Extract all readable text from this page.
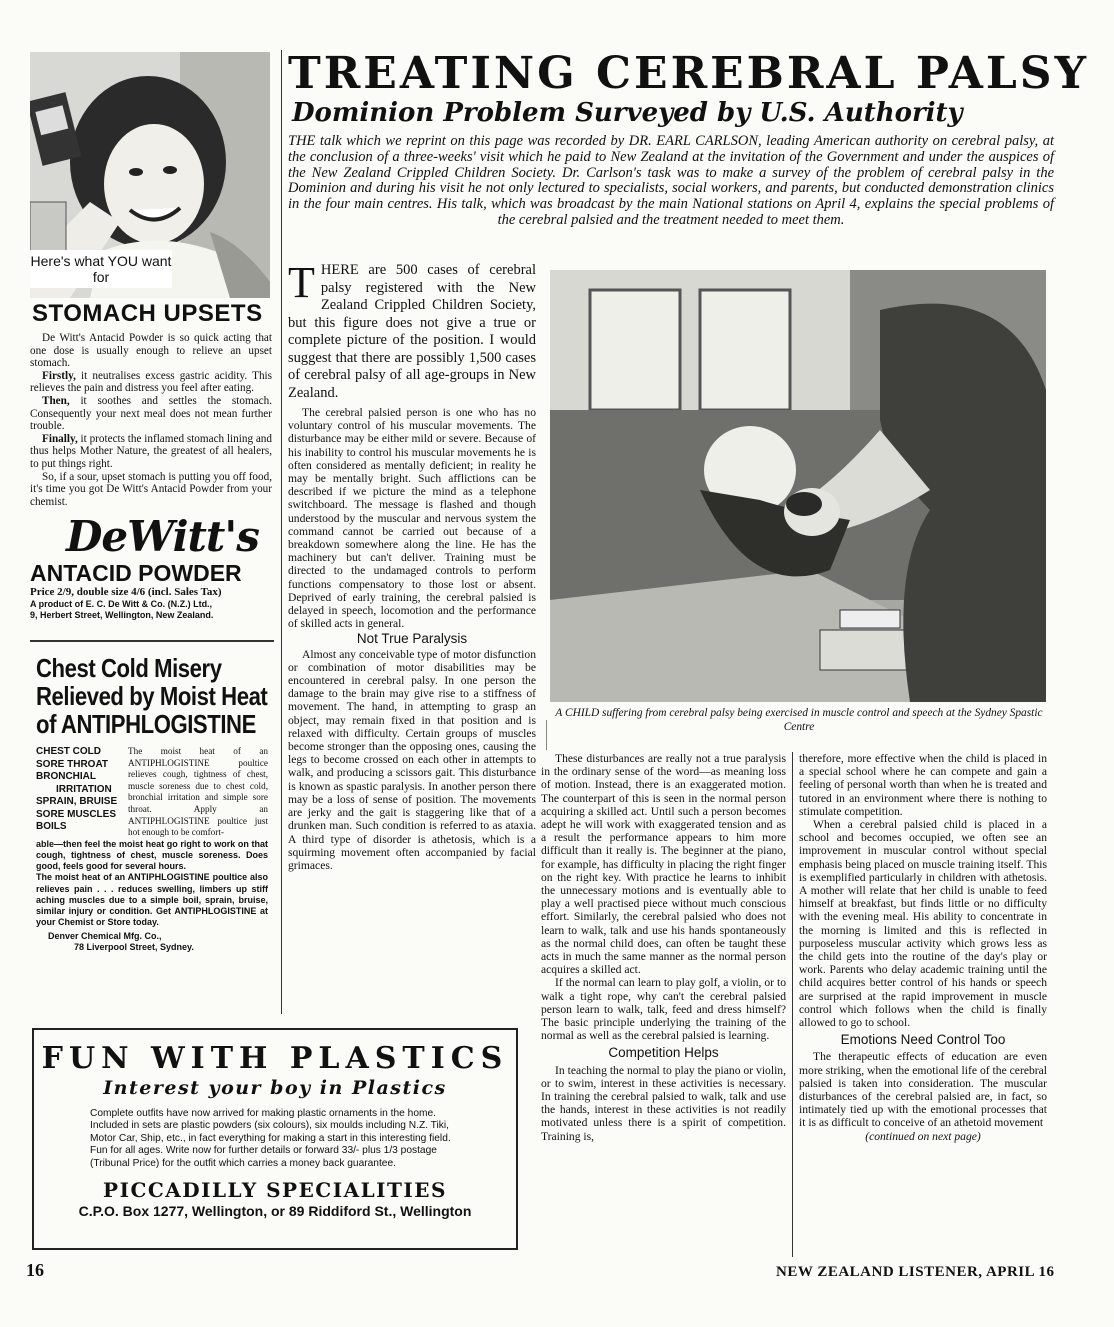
Here's what YOU want for
STOMACH UPSETS

De Witt's Antacid Powder is so quick acting that one dose is usually enough to relieve an upset stomach.

Firstly, it neutralises excess gastric acidity. This relieves the pain and distress you feel after eating.

Then, it soothes and settles the stomach. Consequently your next meal does not mean further trouble.

Finally, it protects the inflamed stomach lining and thus helps Mother Nature, the greatest of all healers, to put things right.

So, if a sour, upset stomach is putting you off food, it's time you got De Witt's Antacid Powder from your chemist.

DeWitt's
ANTACID POWDER
Price 2/9, double size 4/6 (incl. Sales Tax)
A product of E. C. De Witt & Co. (N.Z.) Ltd.,
9, Herbert Street, Wellington, New Zealand.
Chest Cold Misery
Relieved by Moist Heat
of ANTIPHLOGISTINE
CHEST COLD
SORE THROAT
BRONCHIAL
IRRITATION
SPRAIN, BRUISE
SORE MUSCLES
BOILS
The moist heat of an ANTIPHLOGISTINE poultice relieves cough, tightness of chest, muscle soreness due to chest cold, bronchial irritation and simple sore throat. Apply an ANTIPHLOGISTINE poultice just hot enough to be comfort-
able—then feel the moist heat go right to work on that cough, tightness of chest, muscle soreness. Does good, feels good for several hours.
The moist heat of an ANTIPHLOGISTINE poultice also relieves pain . . . reduces swelling, limbers up stiff aching muscles due to a simple boil, sprain, bruise, similar injury or condition. Get ANTIPHLOGISTINE at your Chemist or Store today.
Denver Chemical Mfg. Co.,
78 Liverpool Street, Sydney.
TREATING CEREBRAL PALSY
Dominion Problem Surveyed by U.S. Authority
THE talk which we reprint on this page was recorded by DR. EARL CARLSON, leading American authority on cerebral palsy, at the conclusion of a three-weeks' visit which he paid to New Zealand at the invitation of the Government and under the auspices of the New Zealand Crippled Children Society. Dr. Carlson's task was to make a survey of the problem of cerebral palsy in the Dominion and during his visit he not only lectured to specialists, social workers, and parents, but conducted demonstration clinics in the four main centres. His talk, which was broadcast by the main National stations on April 4, explains the special problems of the cerebral palsied and the treatment needed to meet them.
THERE are 500 cases of cerebral palsy registered with the New Zealand Crippled Children Society, but this figure does not give a true or complete picture of the position. I would suggest that there are possibly 1,500 cases of cerebral palsy of all age-groups in New Zealand.

The cerebral palsied person is one who has no voluntary control of his muscular movements. The disturbance may be either mild or severe. Because of his inability to control his muscular movements he is often considered as mentally deficient; in reality he may be mentally bright. Such afflictions can be described if we picture the mind as a telephone switchboard. The message is flashed and though understood by the muscular and nervous system the command cannot be carried out because of a breakdown somewhere along the line. He has the machinery but can't deliver. Training must be directed to the undamaged controls to perform functions compensatory to those lost or absent. Deprived of early training, the cerebral palsied is delayed in speech, locomotion and the performance of skilled acts in general.

Not True Paralysis

Almost any conceivable type of motor disfunction or combination of motor disabilities may be encountered in cerebral palsy. In one person the damage to the brain may give rise to a stiffness of movement. The hand, in attempting to grasp an object, may remain fixed in that position and is relaxed with difficulty. Certain groups of muscles become stronger than the opposing ones, causing the legs to become crossed on each other in attempts to walk, and producing a scissors gait. This disturbance is known as spastic paralysis. In another person there may be a loss of sense of position. The movements are jerky and the gait is staggering like that of a drunken man. Such condition is referred to as ataxia. A third type of disorder is athetosis, which is a squirming movement often accompanied by facial grimaces.

A CHILD suffering from cerebral palsy being exercised in muscle control and speech at the Sydney Spastic Centre

These disturbances are really not a true paralysis in the ordinary sense of the word—as meaning loss of motion. Instead, there is an exaggerated motion. The counterpart of this is seen in the normal person acquiring a skilled act. Until such a person becomes adept he will work with exaggerated tension and as a result the performance appears to him more difficult than it really is. The beginner at the piano, for example, has difficulty in placing the right finger on the right key. With practice he learns to inhibit the unnecessary motions and is eventually able to play a well practised piece without much conscious effort. Similarly, the cerebral palsied who does not learn to walk, talk and use his hands spontaneously as the normal child does, can often be taught these acts in much the same manner as the normal person acquires a skilled act.

If the normal can learn to play golf, a violin, or to walk a tight rope, why can't the cerebral palsied person learn to walk, talk, feed and dress himself? The basic principle underlying the training of the normal as well as the cerebral palsied is learning.

Competition Helps

In teaching the normal to play the piano or violin, or to swim, interest in these activities is necessary. In training the cerebral palsied to walk, talk and use the hands, interest in these activities is not readily motivated unless there is a spirit of competition. Training is,

therefore, more effective when the child is placed in a special school where he can compete and gain a feeling of personal worth than when he is treated and tutored in an environment where there is nothing to stimulate competition.

When a cerebral palsied child is placed in a school and becomes occupied, we often see an improvement in muscular control without special emphasis being placed on muscle training itself. This is exemplified particularly in children with athetosis. A mother will relate that her child is unable to feed himself at breakfast, but finds little or no difficulty with the evening meal. His ability to concentrate in the morning is limited and this is reflected in purposeless muscular activity which grows less as the child gets into the routine of the day's play or work. Parents who delay academic training until the child acquires better control of his hands or speech are surprised at the rapid improvement in muscle control which follows when the child is finally allowed to go to school.

Emotions Need Control Too

The therapeutic effects of education are even more striking, when the emotional life of the cerebral palsied is taken into consideration. The muscular disturbances of the cerebral palsied are, in fact, so intimately tied up with the emotional processes that it is as difficult to conceive of an athetoid movement

(continued on next page)
FUN WITH PLASTICS
Interest your boy in Plastics
Complete outfits have now arrived for making plastic ornaments in the home. Included in sets are plastic powders (six colours), six moulds including N.Z. Tiki, Motor Car, Ship, etc., in fact everything for making a start in this interesting field. Fun for all ages. Write now for further details or forward 33/- plus 1/3 postage (Tribunal Price) for the outfit which carries a money back guarantee.
PICCADILLY SPECIALITIES
C.P.O. Box 1277, Wellington, or 89 Riddiford St., Wellington
16	NEW ZEALAND LISTENER, APRIL 16
